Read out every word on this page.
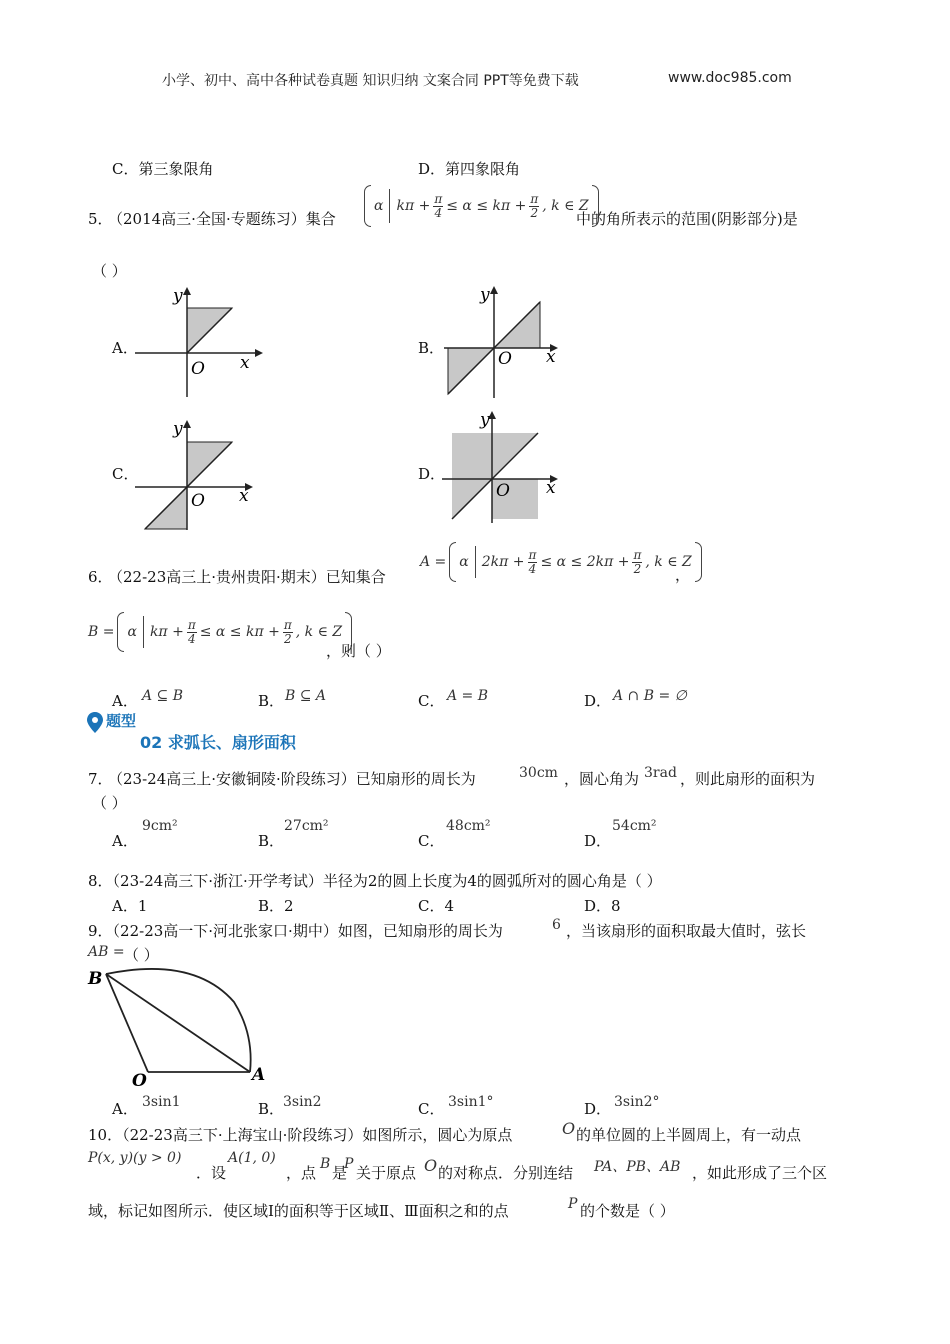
小学、初中、高中各种试卷真题 知识归纳 文案合同 PPT等免费下载	www.doc985.com
C．第三象限角	D．第四象限角
5．
（2014高三·全国·专题练习）集合
α $k\pi + \frac{\pi}{4} \le \alpha \le k\pi + \frac{\pi}{2}$ , k ∈ Z
中的角所表示的范围(阴影部分)是
（ ）
A．
y
x
O
B．
y
x
O
C．
y
x
O
D．
y
x
O
6．
（22-23高三上·贵州贵阳·期末）已知集合
A = α $2k\pi + \frac{\pi}{4} \le \alpha \le 2k\pi + \frac{\pi}{2}$ , k ∈ Z
，
B = α $k\pi + \frac{\pi}{4} \le \alpha \le k\pi + \frac{\pi}{2}$ , k ∈ Z
，则（ ）
A． A ⊆ B	B． B ⊆ A	C． A = B	D． A ∩ B = ∅
题型
02 求弧长、扇形面积
7．
（23-24高三上·安徽铜陵·阶段练习）已知扇形的周长为	30cm ，圆心角为 3rad ，则此扇形的面积为
（ ）
A．
9cm²
B．
27cm²
C．
48cm²
D．
54cm²
8．（23-24高三下·浙江·开学考试）半径为2的圆上长度为4的圆弧所对的圆心角是（ ）
A．1	B．2	C．4	D．8
9．（22-23高一下·河北张家口·期中）如图，已知扇形的周长为	6 ，当该扇形的面积取最大值时，弦长
AB = （ ）
B
O	A
A． 3sin1	B．
3sin2	C． 3sin1°	D． 3sin2°
10．（22-23高三下·上海宝山·阶段练习）如图所示，圆心为原点	O 的单位圆的上半圆周上，有一动点
P(x, y)(y > 0)
．设
A(1, 0)
，点 B 是
P 关于原点 O 的对称点．分别连结 PA、PB、AB ，如此形成了三个区
域，标记如图所示．使区域Ⅰ的面积等于区域Ⅱ、Ⅲ面积之和的点	P 的个数是（ ）
